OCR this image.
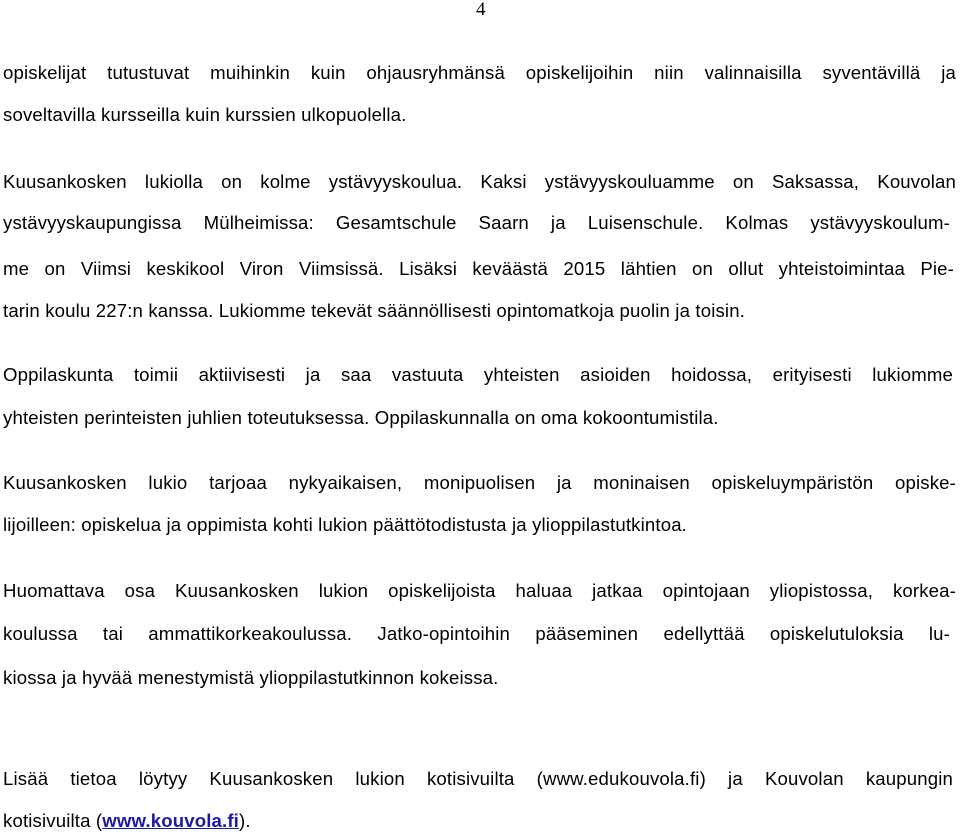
4
opiskelijat tutustuvat muihinkin kuin ohjausryhmänsä opiskelijoihin niin valinnaisilla syventävillä ja
soveltavilla kursseilla kuin kurssien ulkopuolella.
Kuusankosken lukiolla on kolme ystävyyskoulua. Kaksi ystävyyskouluamme on Saksassa, Kouvolan
ystävyyskaupungissa Mülheimissa: Gesamtschule Saarn ja Luisenschule. Kolmas ystävyyskoulum-
me on Viimsi keskikool Viron Viimsissä. Lisäksi keväästä 2015 lähtien on ollut yhteistoimintaa Pie-
tarin koulu 227:n kanssa. Lukiomme tekevät säännöllisesti opintomatkoja puolin ja toisin.
Oppilaskunta toimii aktiivisesti ja saa vastuuta yhteisten asioiden hoidossa, erityisesti lukiomme
yhteisten perinteisten juhlien toteutuksessa. Oppilaskunnalla on oma kokoontumistila.
Kuusankosken lukio tarjoaa nykyaikaisen, monipuolisen ja moninaisen opiskeluympäristön opiske-
lijoilleen: opiskelua ja oppimista kohti lukion päättötodistusta ja ylioppilastutkintoa.
Huomattava osa Kuusankosken lukion opiskelijoista haluaa jatkaa opintojaan yliopistossa, korkea-
koulussa tai ammattikorkeakoulussa. Jatko-opintoihin pääseminen edellyttää opiskelutuloksia lu-
kiossa ja hyvää menestymistä ylioppilastutkinnon kokeissa.
Lisää tietoa löytyy Kuusankosken lukion kotisivuilta (www.edukouvola.fi) ja Kouvolan kaupungin
kotisivuilta (www.kouvola.fi).
